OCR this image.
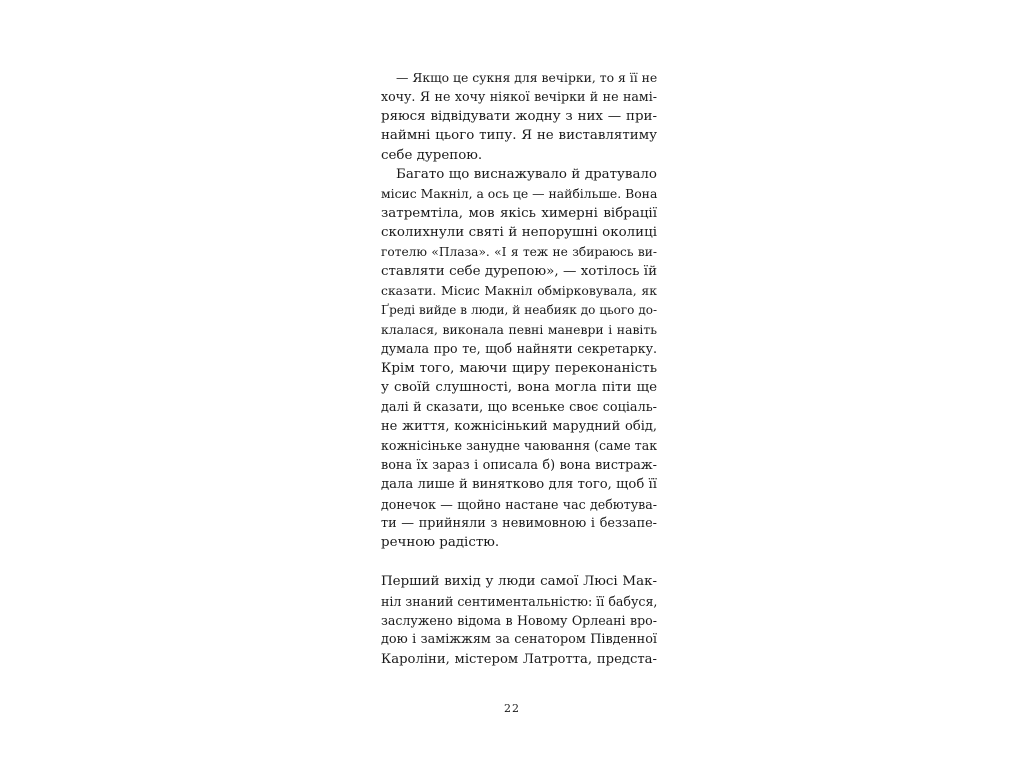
— Якщо це сукня для вечірки, то я її не
хочу. Я не хочу ніякої вечірки й не намі-
ряюся відвідувати жодну з них — при-
наймні цього типу. Я не виставлятиму
себе дурепою.
Багато що виснажувало й дратувало
місис Макніл, а ось це — найбільше. Вона
затремтіла, мов якісь химерні вібрації
сколихнули святі й непорушні околиці
готелю «Плаза». «І я теж не збираюсь ви-
ставляти себе дурепою», — хотілось їй
сказати. Місис Макніл обмірковувала, як
Ґреді вийде в люди, й неабияк до цього до-
клалася, виконала певні маневри і навіть
думала про те, щоб найняти секретарку.
Крім того, маючи щиру переконаність
у своїй слушності, вона могла піти ще
далі й сказати, що всеньке своє соціаль-
не життя, кожнісінький марудний обід,
кожнісіньке занудне чаювання (саме так
вона їх зараз і описала б) вона вистраж-
дала лише й винятково для того, щоб її
донечок — щойно настане час дебютува-
ти — прийняли з невимовною і беззапе-
речною радістю.
Перший вихід у люди самої Люсі Мак-
ніл знаний сентиментальністю: її бабуся,
заслужено відома в Новому Орлеані вро-
дою і заміжжям за сенатором Південної
Кароліни, містером Латротта, предста-
22
